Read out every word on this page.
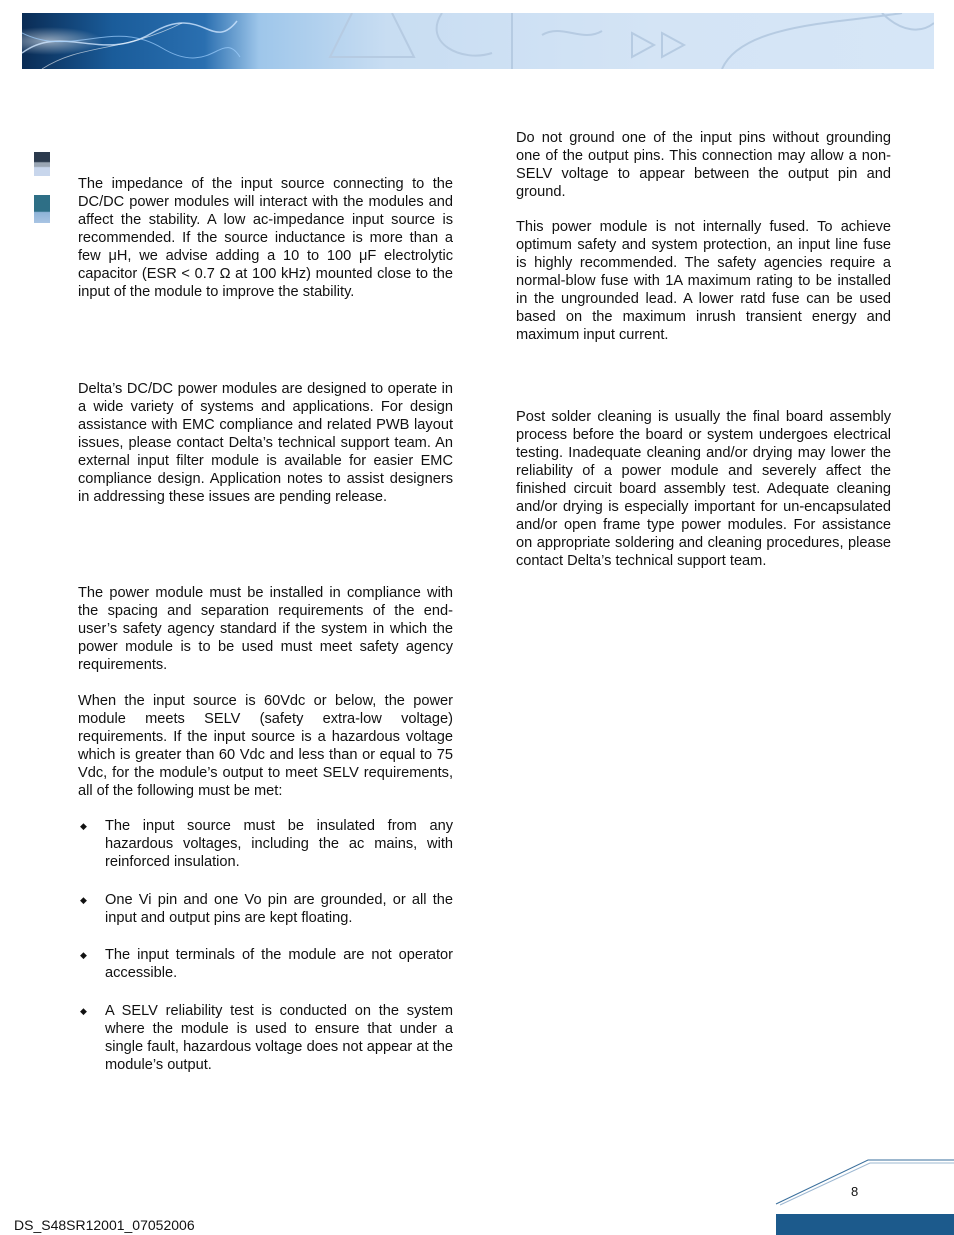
The impedance of the input source connecting to the DC/DC power modules will interact with the modules and affect the stability. A low ac-impedance input source is recommended. If the source inductance is more than a few μH, we advise adding a 10 to 100 μF electrolytic capacitor (ESR < 0.7 Ω at 100 kHz) mounted close to the input of the module to improve the stability.

Delta’s DC/DC power modules are designed to operate in a wide variety of systems and applications. For design assistance with EMC compliance and related PWB layout issues, please contact Delta’s technical support team. An external input filter module is available for easier EMC compliance design. Application notes to assist designers in addressing these issues are pending release.

The power module must be installed in compliance with the spacing and separation requirements of the end-user’s safety agency standard if the system in which the power module is to be used must meet safety agency requirements.

When the input source is 60Vdc or below, the power module meets SELV (safety extra-low voltage) requirements. If the input source is a hazardous voltage which is greater than 60 Vdc and less than or equal to 75 Vdc, for the module’s output to meet SELV requirements, all of the following must be met:

◆	The input source must be insulated from any hazardous voltages, including the ac mains, with reinforced insulation.
◆	One Vi pin and one Vo pin are grounded, or all the input and output pins are kept floating.
◆	The input terminals of the module are not operator accessible.
◆	A SELV reliability test is conducted on the system where the module is used to ensure that under a single fault, hazardous voltage does not appear at the module’s output.

Do not ground one of the input pins without grounding one of the output pins. This connection may allow a non-SELV voltage to appear between the output pin and ground.

This power module is not internally fused. To achieve optimum safety and system protection, an input line fuse is highly recommended. The safety agencies require a normal-blow fuse with 1A maximum rating to be installed in the ungrounded lead. A lower ratd fuse can be used based on the maximum inrush transient energy and maximum input current.

Post solder cleaning is usually the final board assembly process before the board or system undergoes electrical testing. Inadequate cleaning and/or drying may lower the reliability of a power module and severely affect the finished circuit board assembly test. Adequate cleaning and/or drying is especially important for un-encapsulated and/or open frame type power modules. For assistance on appropriate soldering and cleaning procedures, please contact Delta’s technical support team.

8
DS_S48SR12001_07052006
